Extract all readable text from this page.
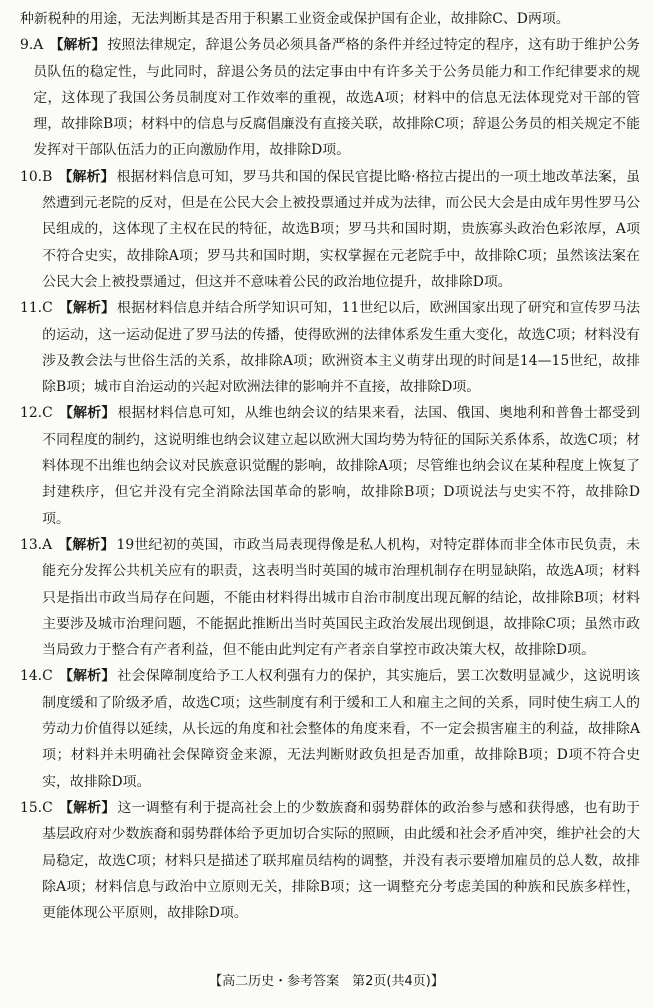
种新税种的用途，无法判断其是否用于积累工业资金或保护国有企业，故排除C、D两项。

9. A 【解析】 按照法律规定，辞退公务员必须具备严格的条件并经过特定的程序，这有助于维护公务员队伍的稳定性，与此同时，辞退公务员的法定事由中有许多关于公务员能力和工作纪律要求的规定，这体现了我国公务员制度对工作效率的重视，故选A项；材料中的信息无法体现党对干部的管理，故排除B项；材料中的信息与反腐倡廉没有直接关联，故排除C项；辞退公务员的相关规定不能发挥对干部队伍活力的正向激励作用，故排除D项。
10. B 【解析】 根据材料信息可知，罗马共和国的保民官提比略·格拉古提出的一项土地改革法案，虽然遭到元老院的反对，但是在公民大会上被投票通过并成为法律，而公民大会是由成年男性罗马公民组成的，这体现了主权在民的特征，故选B项；罗马共和国时期，贵族寡头政治色彩浓厚，A项不符合史实，故排除A项；罗马共和国时期，实权掌握在元老院手中，故排除C项；虽然该法案在公民大会上被投票通过，但这并不意味着公民的政治地位提升，故排除D项。
11. C 【解析】 根据材料信息并结合所学知识可知，11世纪以后，欧洲国家出现了研究和宣传罗马法的运动，这一运动促进了罗马法的传播，使得欧洲的法律体系发生重大变化，故选C项；材料没有涉及教会法与世俗生活的关系，故排除A项；欧洲资本主义萌芽出现的时间是14—15世纪，故排除B项；城市自治运动的兴起对欧洲法律的影响并不直接，故排除D项。
12. C 【解析】 根据材料信息可知，从维也纳会议的结果来看，法国、俄国、奥地利和普鲁士都受到不同程度的制约，这说明维也纳会议建立起以欧洲大国均势为特征的国际关系体系，故选C项；材料体现不出维也纳会议对民族意识觉醒的影响，故排除A项；尽管维也纳会议在某种程度上恢复了封建秩序，但它并没有完全消除法国革命的影响，故排除B项；D项说法与史实不符，故排除D项。
13. A 【解析】 19世纪初的英国，市政当局表现得像是私人机构，对特定群体而非全体市民负责，未能充分发挥公共机关应有的职责，这表明当时英国的城市治理机制存在明显缺陷，故选A项；材料只是指出市政当局存在问题，不能由材料得出城市自治市制度出现瓦解的结论，故排除B项；材料主要涉及城市治理问题，不能据此推断出当时英国民主政治发展出现倒退，故排除C项；虽然市政当局致力于整合有产者利益，但不能由此判定有产者亲自掌控市政决策大权，故排除D项。
14. C 【解析】 社会保障制度给予工人权利强有力的保护，其实施后，罢工次数明显减少，这说明该制度缓和了阶级矛盾，故选C项；这些制度有利于缓和工人和雇主之间的关系，同时使生病工人的劳动力价值得以延续，从长远的角度和社会整体的角度来看，不一定会损害雇主的利益，故排除A项；材料并未明确社会保障资金来源，无法判断财政负担是否加重，故排除B项；D项不符合史实，故排除D项。
15. C 【解析】 这一调整有利于提高社会上的少数族裔和弱势群体的政治参与感和获得感，也有助于基层政府对少数族裔和弱势群体给予更加切合实际的照顾，由此缓和社会矛盾冲突，维护社会的大局稳定，故选C项；材料只是描述了联邦雇员结构的调整，并没有表示要增加雇员的总人数，故排除A项；材料信息与政治中立原则无关，排除B项；这一调整充分考虑美国的种族和民族多样性，更能体现公平原则，故排除D项。
【高二历史・参考答案　第2页(共4页)】
